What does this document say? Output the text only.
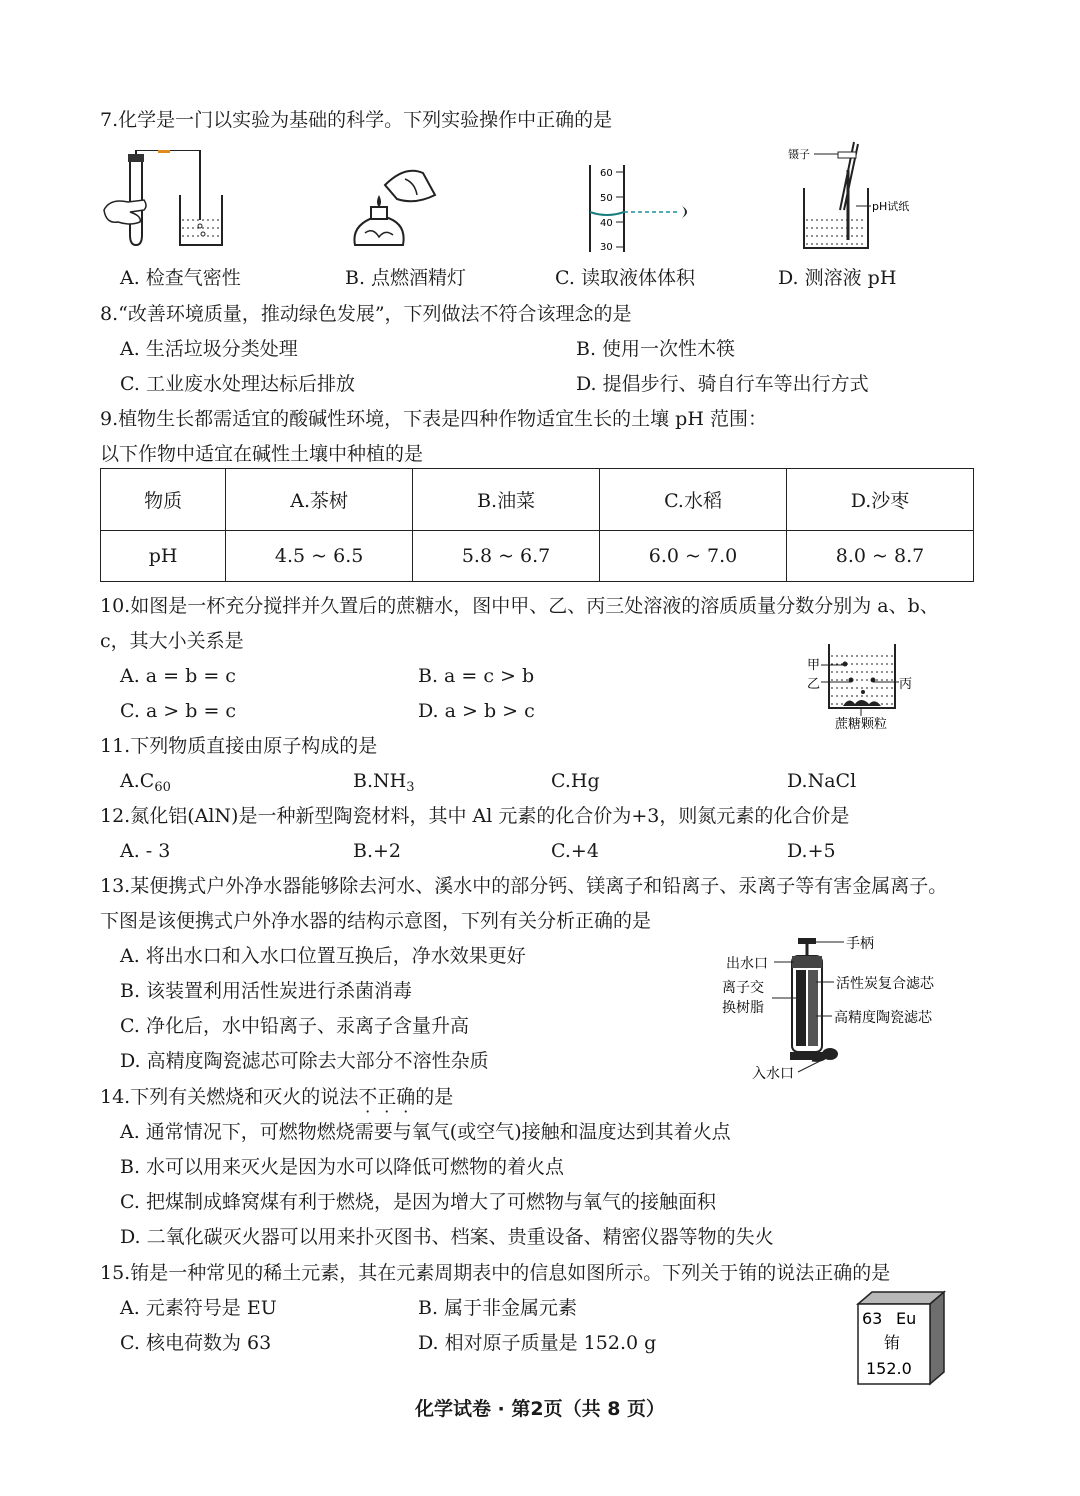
7.化学是一门以实验为基础的科学。下列实验操作中正确的是
60
50
40
30
镊子
pH试纸
A. 检查气密性	B. 点燃酒精灯	C. 读取液体体积	D. 测溶液 pH
8.“改善环境质量，推动绿色发展”，下列做法不符合该理念的是
A. 生活垃圾分类处理	B. 使用一次性木筷
C. 工业废水处理达标后排放	D. 提倡步行、骑自行车等出行方式
9.植物生长都需适宜的酸碱性环境，下表是四种作物适宜生长的土壤 pH 范围：
以下作物中适宜在碱性土壤中种植的是
物质	A.茶树	B.油菜	C.水稻	D.沙枣
pH	4.5 ~ 6.5	5.8 ~ 6.7	6.0 ~ 7.0	8.0 ~ 8.7
10.如图是一杯充分搅拌并久置后的蔗糖水，图中甲、乙、丙三处溶液的溶质质量分数分别为 a、b、
c，其大小关系是
A. a = b = c	B. a = c > b
C. a > b = c	D. a > b > c
甲
乙	丙
蔗糖颗粒
11.下列物质直接由原子构成的是
$A.C_{60}$	$B.NH_3$	C.Hg	D.NaCl
12.氮化铝(AlN)是一种新型陶瓷材料，其中 Al 元素的化合价为+3，则氮元素的化合价是
A. - 3	B.+2	C.+4	D.+5
13.某便携式户外净水器能够除去河水、溪水中的部分钙、镁离子和铅离子、汞离子等有害金属离子。
下图是该便携式户外净水器的结构示意图，下列有关分析正确的是
A. 将出水口和入水口位置互换后，净水效果更好
B. 该装置利用活性炭进行杀菌消毒
C. 净化后，水中铅离子、汞离子含量升高
D. 高精度陶瓷滤芯可除去大部分不溶性杂质
手柄
出水口
活性炭复合滤芯
离子交
换树脂
高精度陶瓷滤芯
入水口
14.下列有关燃烧和灭火的说法不正确的是
A. 通常情况下，可燃物燃烧需要与氧气(或空气)接触和温度达到其着火点
B. 水可以用来灭火是因为水可以降低可燃物的着火点
C. 把煤制成蜂窝煤有利于燃烧，是因为增大了可燃物与氧气的接触面积
D. 二氧化碳灭火器可以用来扑灭图书、档案、贵重设备、精密仪器等物的失火
15.铕是一种常见的稀土元素，其在元素周期表中的信息如图所示。下列关于铕的说法正确的是
A. 元素符号是 EU	B. 属于非金属元素
C. 核电荷数为 63	D. 相对原子质量是 152.0 g
63 Eu
铕
152.0
化学试卷 · 第2页（共 8 页）
